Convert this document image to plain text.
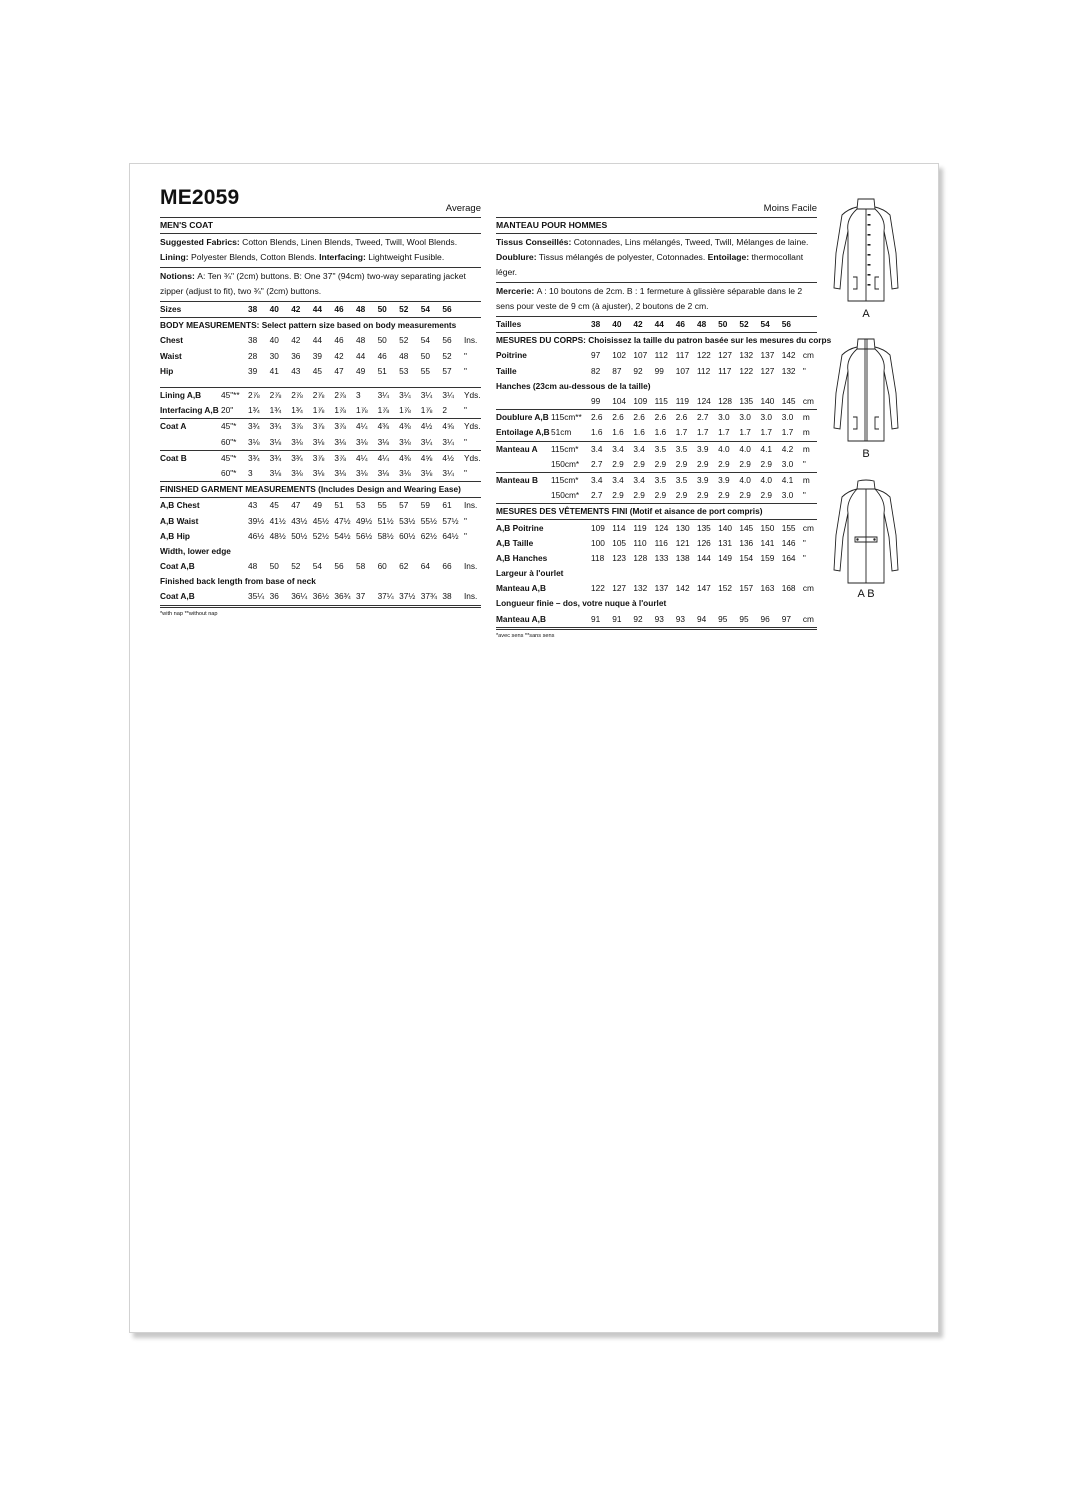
ME2059	Average
MEN'S COAT

Suggested Fabrics: Cotton Blends, Linen Blends, Tweed, Twill, Wool Blends.

Lining: Polyester Blends, Cotton Blends. Interfacing: Lightweight Fusible.

Notions: A: Ten ¾" (2cm) buttons. B: One 37" (94cm) two-way separating jacket zipper (adjust to fit), two ¾" (2cm) buttons.

Sizes		38	40	42	44	46	48	50	52	54	56	
BODY MEASUREMENTS: Select pattern size based on body measurements												
Chest		38	40	42	44	46	48	50	52	54	56	Ins.
Waist		28	30	36	39	42	44	46	48	50	52	"
Hip		39	41	43	45	47	49	51	53	55	57	"

Lining A,B	45"**	2⅞	2⅞	2⅞	2⅞	2⅞	3	3¼	3¼	3¼	3¼	Yds.
Interfacing A,B	20"	1¾	1¾	1¾	1⅞	1⅞	1⅞	1⅞	1⅞	1⅞	2	"
Coat A	45"*	3¾	3¾	3⅞	3⅞	3⅞	4¼	4⅜	4⅜	4½	4⅝	Yds.
	60"*	3⅛	3⅛	3⅛	3⅛	3⅛	3⅛	3⅛	3⅛	3¼	3¼	"
Coat B	45"*	3¾	3¾	3¾	3⅞	3⅞	4¼	4¼	4⅜	4⅝	4½	Yds.
	60"*	3	3⅛	3⅛	3⅛	3⅛	3⅛	3⅛	3⅛	3⅛	3¼	"
FINISHED GARMENT MEASUREMENTS (Includes Design and Wearing Ease)												
A,B Chest		43	45	47	49	51	53	55	57	59	61	Ins.
A,B Waist		39½	41½	43½	45½	47½	49½	51½	53½	55½	57½	"
A,B Hip		46½	48½	50½	52½	54½	56½	58½	60½	62½	64½	"
Width, lower edge												
Coat A,B		48	50	52	54	56	58	60	62	64	66	Ins.
Finished back length from base of neck												
Coat A,B		35¼	36	36¼	36½	36¾	37	37¼	37½	37¾	38	Ins.
*with nap **without nap
Moins Facile
MANTEAU POUR HOMMES

Tissus Conseillés: Cotonnades, Lins mélangés, Tweed, Twill, Mélanges de laine. Doublure: Tissus mélangés de polyester, Cotonnades. Entoilage: thermocollant léger.

Mercerie: A : 10 boutons de 2cm. B : 1 fermeture à glissière séparable dans le 2 sens pour veste de 9 cm (à ajuster), 2 boutons de 2 cm.

Tailles		38	40	42	44	46	48	50	52	54	56	
MESURES DU CORPS: Choisissez la taille du patron basée sur les mesures du corps												
Poitrine		97	102	107	112	117	122	127	132	137	142	cm
Taille		82	87	92	99	107	112	117	122	127	132	"
Hanches (23cm au-dessous de la taille)												
		99	104	109	115	119	124	128	135	140	145	cm
Doublure A,B	115cm**	2.6	2.6	2.6	2.6	2.6	2.7	3.0	3.0	3.0	3.0	m
Entoilage A,B	51cm	1.6	1.6	1.6	1.6	1.7	1.7	1.7	1.7	1.7	1.7	m
Manteau A	115cm*	3.4	3.4	3.4	3.5	3.5	3.9	4.0	4.0	4.1	4.2	m
	150cm*	2.7	2.9	2.9	2.9	2.9	2.9	2.9	2.9	2.9	3.0	"
Manteau B	115cm*	3.4	3.4	3.4	3.5	3.5	3.9	3.9	4.0	4.0	4.1	m
	150cm*	2.7	2.9	2.9	2.9	2.9	2.9	2.9	2.9	2.9	3.0	"
MESURES DES VÊTEMENTS FINI (Motif et aisance de port compris)												
A,B Poitrine		109	114	119	124	130	135	140	145	150	155	cm
A,B Taille		100	105	110	116	121	126	131	136	141	146	"
A,B Hanches		118	123	128	133	138	144	149	154	159	164	"
Largeur à l'ourlet												
Manteau A,B		122	127	132	137	142	147	152	157	163	168	cm
Longueur finie – dos, votre nuque à l'ourlet												
Manteau A,B		91	91	92	93	93	94	95	95	96	97	cm
*avec sens **sans sens
A
B
A B
